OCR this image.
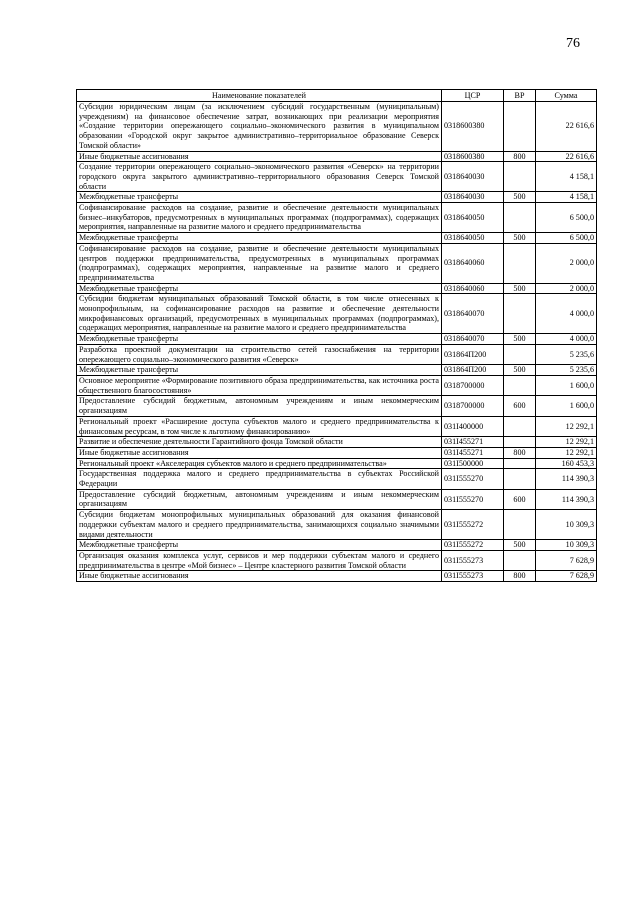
76
Наименование показателей	ЦСР	ВР	Сумма
Субсидии юридическим лицам (за исключением субсидий государственным (муниципальным) учреждениям) на финансовое обеспечение затрат, возникающих при реализации мероприятия «Создание территории опережающего социально–экономического развития в муниципальном образовании «Городской округ закрытое административно–территориальное образование Северск Томской области»	0318600380		22 616,6
Иные бюджетные ассигнования	0318600380	800	22 616,6
Создание территории опережающего социально–экономического развития «Северск» на территории городского округа закрытого административно–территориального образования Северск Томской области	0318640030		4 158,1
Межбюджетные трансферты	0318640030	500	4 158,1
Софинансирование расходов на создание, развитие и обеспечение деятельности муниципальных бизнес–инкубаторов, предусмотренных в муниципальных программах (подпрограммах), содержащих мероприятия, направленные на развитие малого и среднего предпринимательства	0318640050		6 500,0
Межбюджетные трансферты	0318640050	500	6 500,0
Софинансирование расходов на создание, развитие и обеспечение деятельности муниципальных центров поддержки предпринимательства, предусмотренных в муниципальных программах (подпрограммах), содержащих мероприятия, направленные на развитие малого и среднего предпринимательства	0318640060		2 000,0
Межбюджетные трансферты	0318640060	500	2 000,0
Субсидии бюджетам муниципальных образований Томской области, в том числе отнесенных к монопрофильным, на софинансирование расходов на развитие и обеспечение деятельности микрофинансовых организаций, предусмотренных в муниципальных программах (подпрограммах), содержащих мероприятия, направленные на развитие малого и среднего предпринимательства	0318640070		4 000,0
Межбюджетные трансферты	0318640070	500	4 000,0
Разработка проектной документации на строительство сетей газоснабжения на территории опережающего социально–экономического развития «Северск»	031864П200		5 235,6
Межбюджетные трансферты	031864П200	500	5 235,6
Основное мероприятие «Формирование позитивного образа предпринимательства, как источника роста общественного благосостояния»	0318700000		1 600,0
Предоставление субсидий бюджетным, автономным учреждениям и иным некоммерческим организациям	0318700000	600	1 600,0
Региональный проект «Расширение доступа субъектов малого и среднего предпринимательства к финансовым ресурсам, в том числе к льготному финансированию»	031I400000		12 292,1
Развитие и обеспечение деятельности Гарантийного фонда Томской области	031I455271		12 292,1
Иные бюджетные ассигнования	031I455271	800	12 292,1
Региональный проект «Акселерация субъектов малого и среднего предпринимательства»	031I500000		160 453,3
Государственная поддержка малого и среднего предпринимательства в субъектах Российской Федерации	031I555270		114 390,3
Предоставление субсидий бюджетным, автономным учреждениям и иным некоммерческим организациям	031I555270	600	114 390,3
Субсидии бюджетам монопрофильных муниципальных образований для оказания финансовой поддержки субъектам малого и среднего предпринимательства, занимающихся социально значимыми видами деятельности	031I555272		10 309,3
Межбюджетные трансферты	031I555272	500	10 309,3
Организация оказания комплекса услуг, сервисов и мер поддержки субъектам малого и среднего предпринимательства в центре «Мой бизнес» – Центре кластерного развития Томской области	031I555273		7 628,9
Иные бюджетные ассигнования	031I555273	800	7 628,9
